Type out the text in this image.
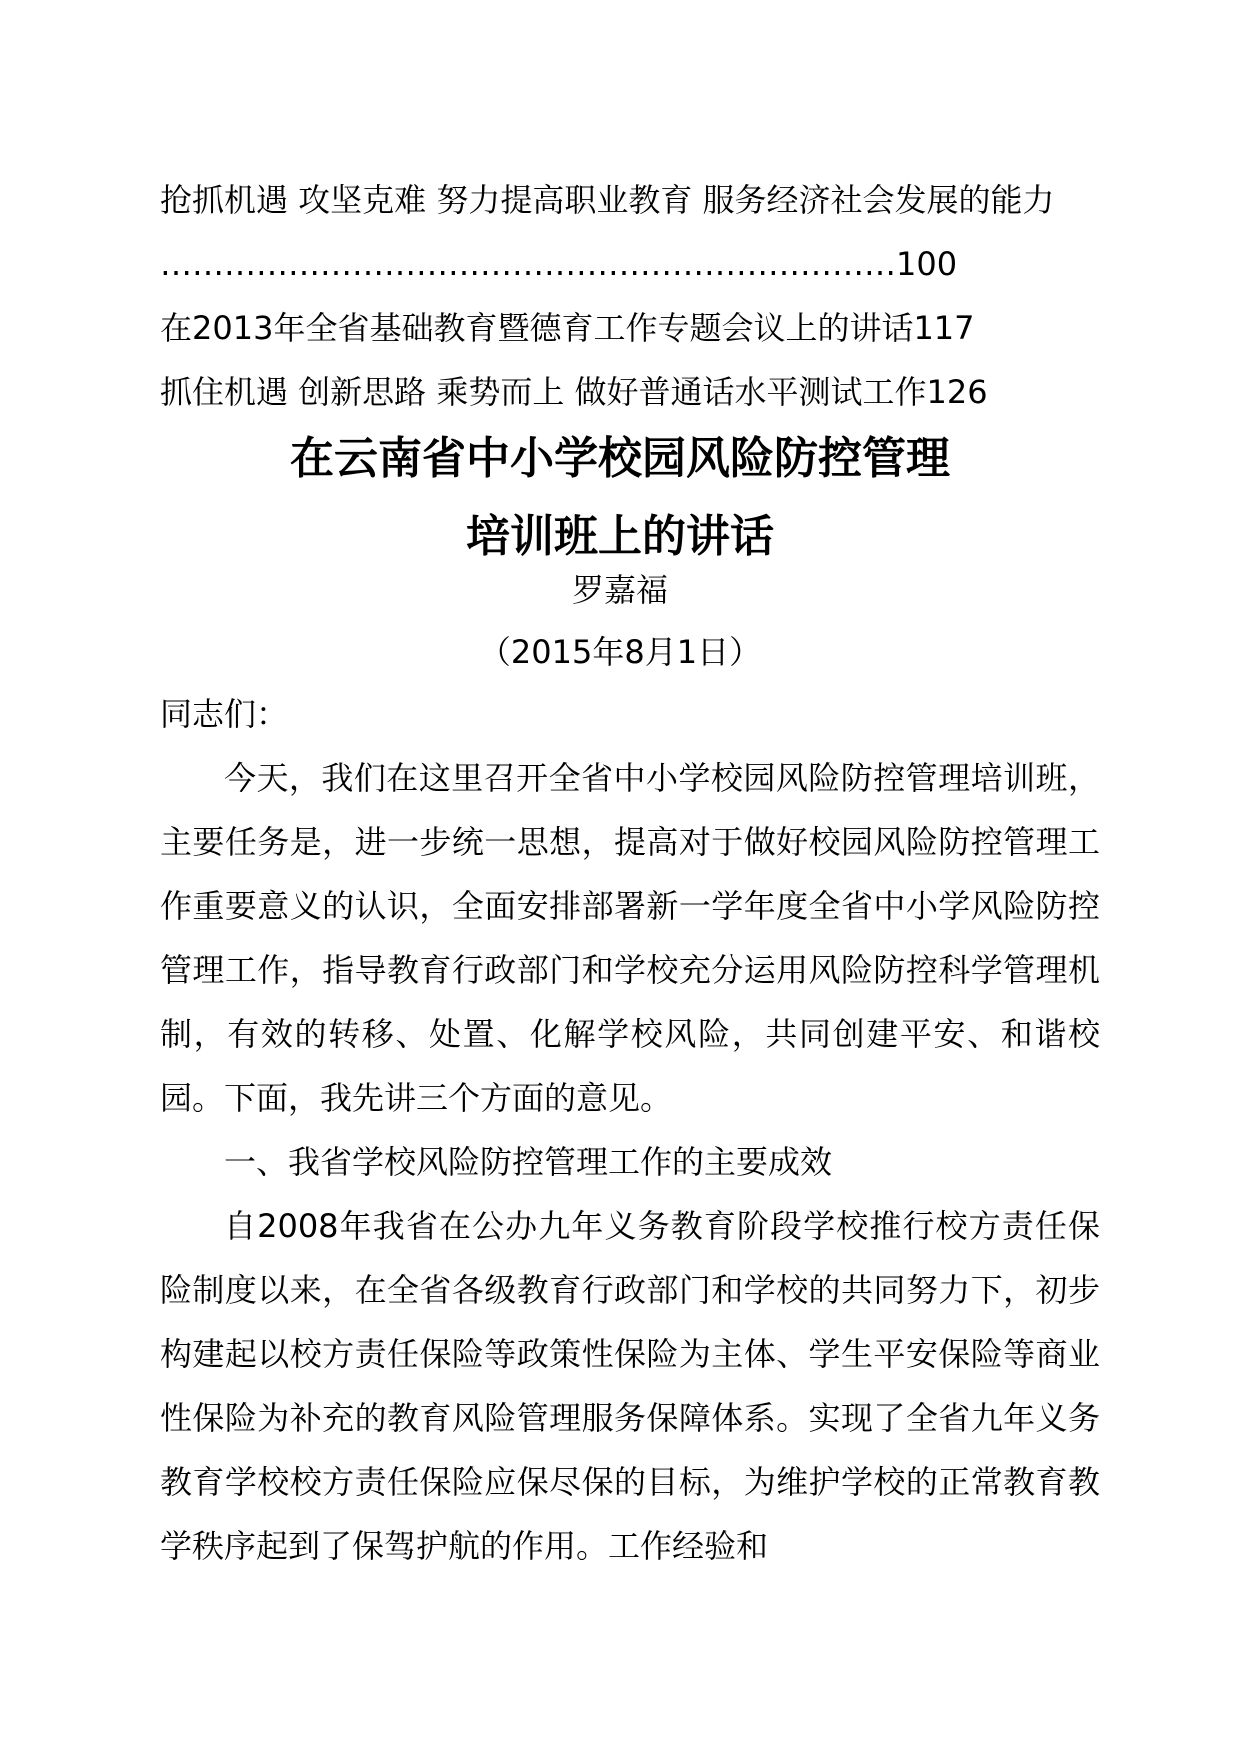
抢抓机遇 攻坚克难 努力提高职业教育 服务经济社会发展的能力
……………………………………………………………100
在2013年全省基础教育暨德育工作专题会议上的讲话117
抓住机遇 创新思路 乘势而上 做好普通话水平测试工作126
在云南省中小学校园风险防控管理
培训班上的讲话
罗嘉福
（2015年8月1日）

同志们：

今天，我们在这里召开全省中小学校园风险防控管理培训班，主要任务是，进一步统一思想，提高对于做好校园风险防控管理工作重要意义的认识，全面安排部署新一学年度全省中小学风险防控管理工作，指导教育行政部门和学校充分运用风险防控科学管理机制，有效的转移、处置、化解学校风险，共同创建平安、和谐校园。下面，我先讲三个方面的意见。

一、我省学校风险防控管理工作的主要成效

自2008年我省在公办九年义务教育阶段学校推行校方责任保险制度以来，在全省各级教育行政部门和学校的共同努力下，初步构建起以校方责任保险等政策性保险为主体、学生平安保险等商业性保险为补充的教育风险管理服务保障体系。实现了全省九年义务教育学校校方责任保险应保尽保的目标，为维护学校的正常教育教学秩序起到了保驾护航的作用。工作经验和
